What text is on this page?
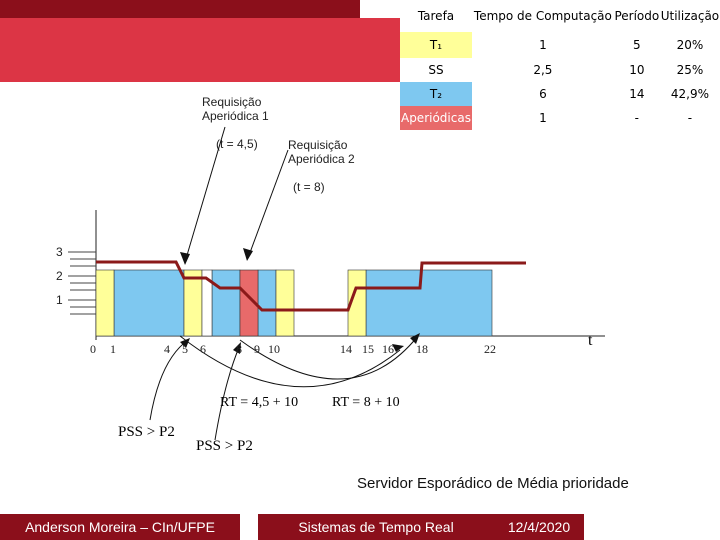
Tarefa	Tempo de Computação	Período	Utilização
T₁	1	5	20%
SS	2,5	10	25%
T₂	6	14	42,9%
Aperiódicas	1	-	-
Requisição
Aperiódica 1
(t = 4,5)	Requisição
Aperiódica 2
(t = 8)
3
2
1
0 1	4 5 6	8 9 10	14 15 16 18	22	t
RT = 4,5 + 10 RT = 8 + 10
PSS > P2
PSS > P2
Servidor Esporádico de Média prioridade
Anderson Moreira – CIn/UFPE	Sistemas de Tempo Real	12/4/2020
